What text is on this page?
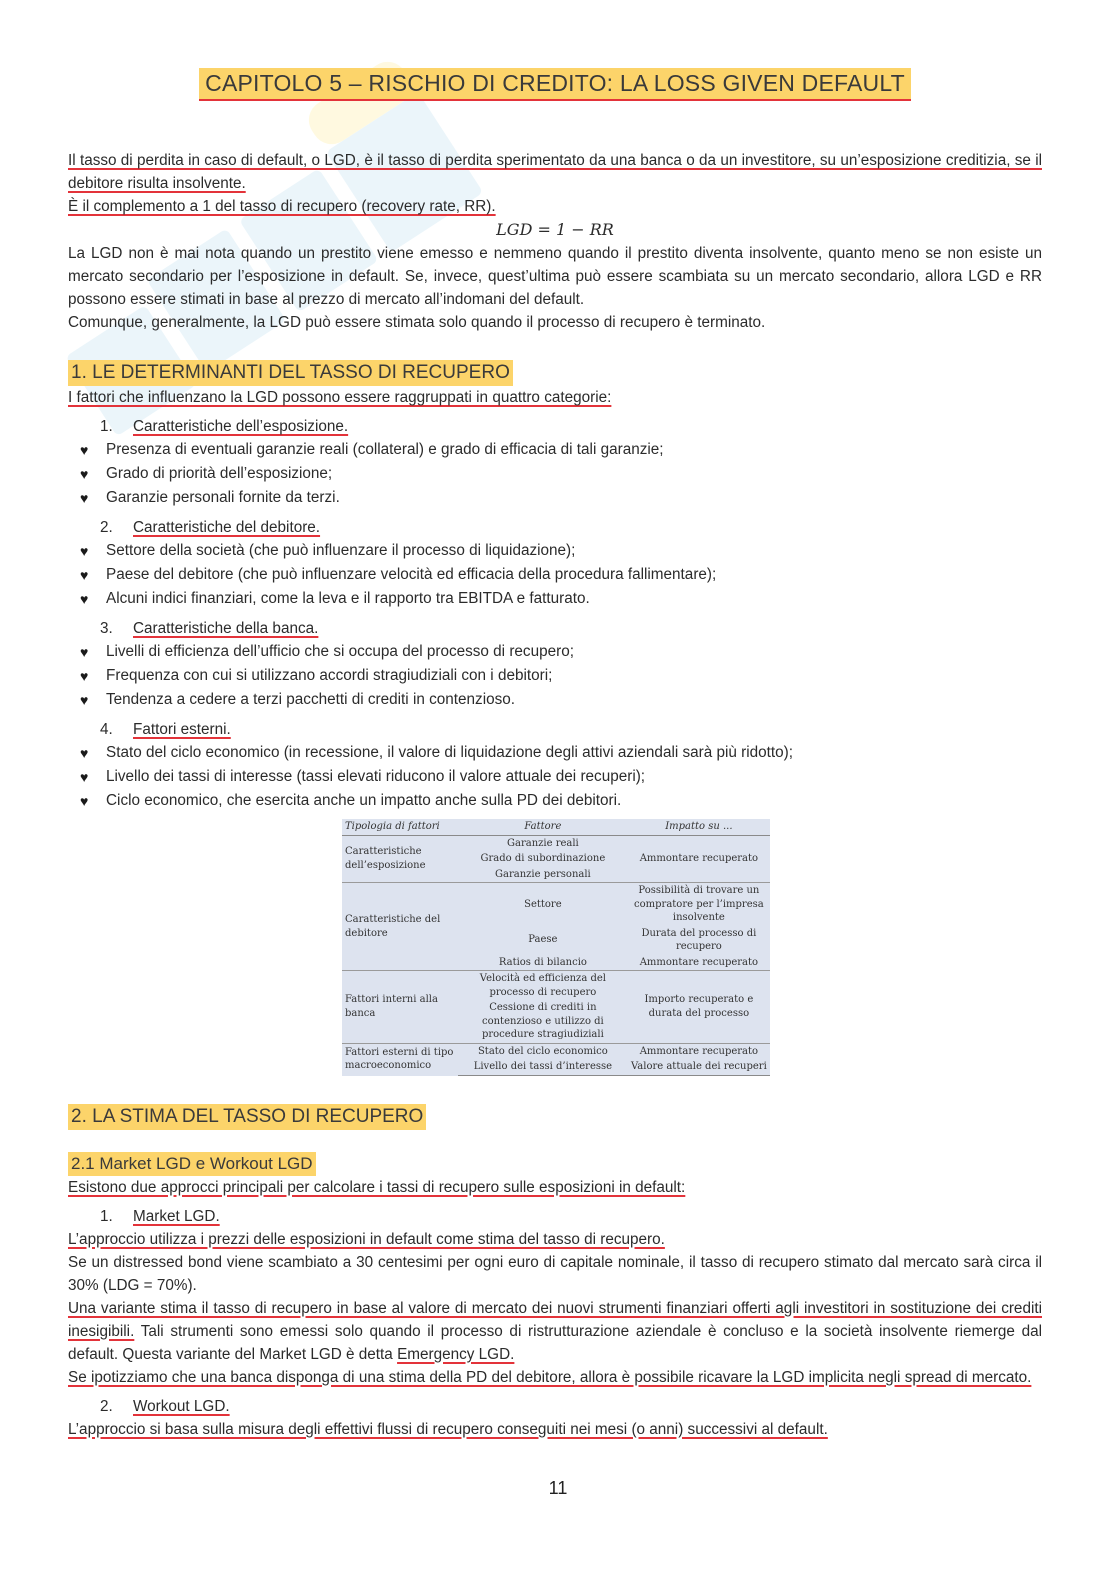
CAPITOLO 5 – RISCHIO DI CREDITO: LA LOSS GIVEN DEFAULT

Il tasso di perdita in caso di default, o LGD, è il tasso di perdita sperimentato da una banca o da un investitore, su un’esposizione creditizia, se il debitore risulta insolvente.

È il complemento a 1 del tasso di recupero (recovery rate, RR).

LGD = 1 − RR

La LGD non è mai nota quando un prestito viene emesso e nemmeno quando il prestito diventa insolvente, quanto meno se non esiste un mercato secondario per l’esposizione in default. Se, invece, quest’ultima può essere scambiata su un mercato secondario, allora LGD e RR possono essere stimati in base al prezzo di mercato all’indomani del default.

Comunque, generalmente, la LGD può essere stimata solo quando il processo di recupero è terminato.

1. LE DETERMINANTI DEL TASSO DI RECUPERO

I fattori che influenzano la LGD possono essere raggruppati in quattro categorie:

1. Caratteristiche dell’esposizione.
♥ Presenza di eventuali garanzie reali (collateral) e grado di efficacia di tali garanzie;
♥ Grado di priorità dell’esposizione;
♥ Garanzie personali fornite da terzi.
2. Caratteristiche del debitore.
♥ Settore della società (che può influenzare il processo di liquidazione);
♥ Paese del debitore (che può influenzare velocità ed efficacia della procedura fallimentare);
♥ Alcuni indici finanziari, come la leva e il rapporto tra EBITDA e fatturato.
3. Caratteristiche della banca.
♥ Livelli di efficienza dell’ufficio che si occupa del processo di recupero;
♥ Frequenza con cui si utilizzano accordi stragiudiziali con i debitori;
♥ Tendenza a cedere a terzi pacchetti di crediti in contenzioso.
4. Fattori esterni.
♥ Stato del ciclo economico (in recessione, il valore di liquidazione degli attivi aziendali sarà più ridotto);
♥ Livello dei tassi di interesse (tassi elevati riducono il valore attuale dei recuperi);
♥ Ciclo economico, che esercita anche un impatto anche sulla PD dei debitori.
Tipologia di fattori	Fattore	Impatto su ...
Caratteristiche dell’esposizione	Garanzie reali	Ammontare recuperato
	Grado di subordinazione	
	Garanzie personali	
Caratteristiche del debitore	Settore	Possibilità di trovare un compratore per l’impresa insolvente
	Paese	Durata del processo di recupero
	Ratios di bilancio	Ammontare recuperato
Fattori interni alla banca	Velocità ed efficienza del processo di recupero	Importo recuperato e durata del processo
	Cessione di crediti in contenzioso e utilizzo di procedure stragiudiziali	
Fattori esterni di tipo macroeconomico	Stato del ciclo economico	Ammontare recuperato
	Livello dei tassi d’interesse	Valore attuale dei recuperi
2. LA STIMA DEL TASSO DI RECUPERO
2.1 Market LGD e Workout LGD

Esistono due approcci principali per calcolare i tassi di recupero sulle esposizioni in default:

1. Market LGD.

L’approccio utilizza i prezzi delle esposizioni in default come stima del tasso di recupero.

Se un distressed bond viene scambiato a 30 centesimi per ogni euro di capitale nominale, il tasso di recupero stimato dal mercato sarà circa il 30% (LDG = 70%).

Una variante stima il tasso di recupero in base al valore di mercato dei nuovi strumenti finanziari offerti agli investitori in sostituzione dei crediti inesigibili. Tali strumenti sono emessi solo quando il processo di ristrutturazione aziendale è concluso e la società insolvente riemerge dal default. Questa variante del Market LGD è detta Emergency LGD.

Se ipotizziamo che una banca disponga di una stima della PD del debitore, allora è possibile ricavare la LGD implicita negli spread di mercato.

2. Workout LGD.

L’approccio si basa sulla misura degli effettivi flussi di recupero conseguiti nei mesi (o anni) successivi al default.

11
